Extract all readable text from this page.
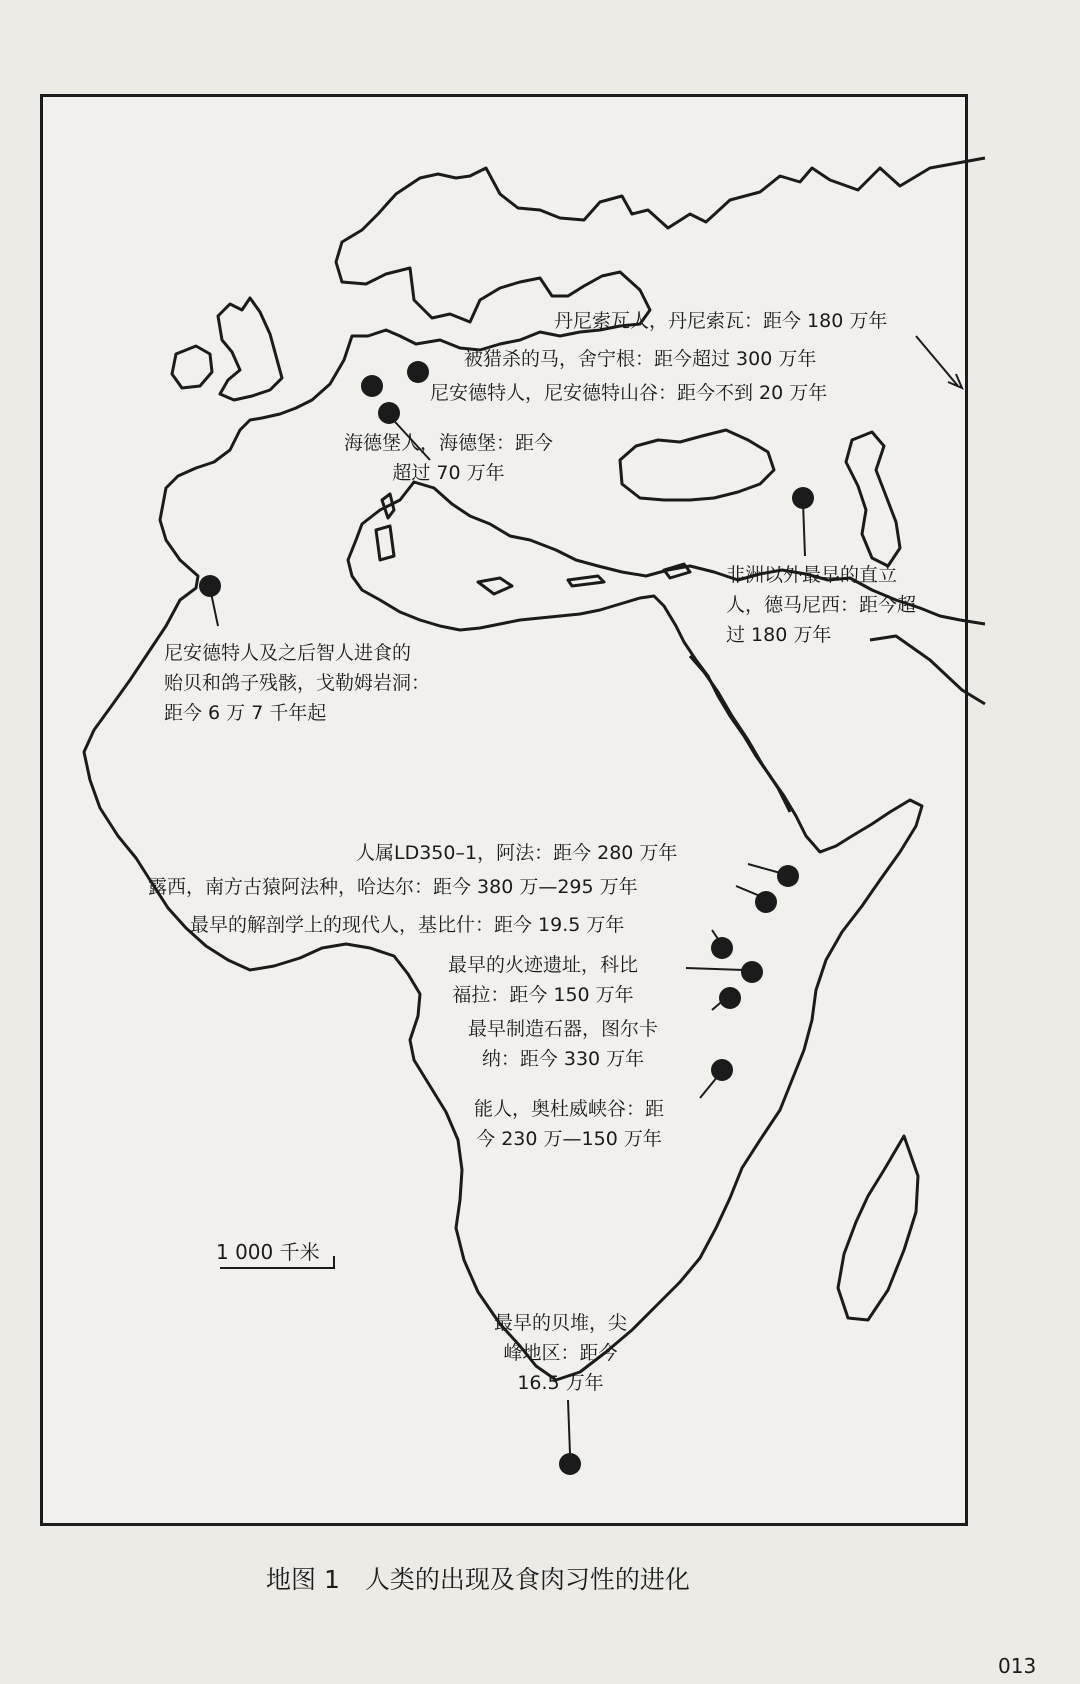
丹尼索瓦人，丹尼索瓦：距今 180 万年
被猎杀的马，舍宁根：距今超过 300 万年
尼安德特人，尼安德特山谷：距今不到 20 万年
海德堡人，海德堡：距今
超过 70 万年
非洲以外最早的直立
人，德马尼西：距今超
过 180 万年
尼安德特人及之后智人进食的
贻贝和鸽子残骸，戈勒姆岩洞：
距今 6 万 7 千年起
人属LD350–1，阿法：距今 280 万年
露西，南方古猿阿法种，哈达尔：距今 380 万—295 万年
最早的解剖学上的现代人，基比什：距今 19.5 万年
最早的火迹遗址，科比
福拉：距今 150 万年
最早制造石器，图尔卡
纳：距今 330 万年
能人，奥杜威峡谷：距
今 230 万—150 万年
最早的贝堆，尖
峰地区：距今
16.5 万年
1 000 千米
地图 1　人类的出现及食肉习性的进化
013
